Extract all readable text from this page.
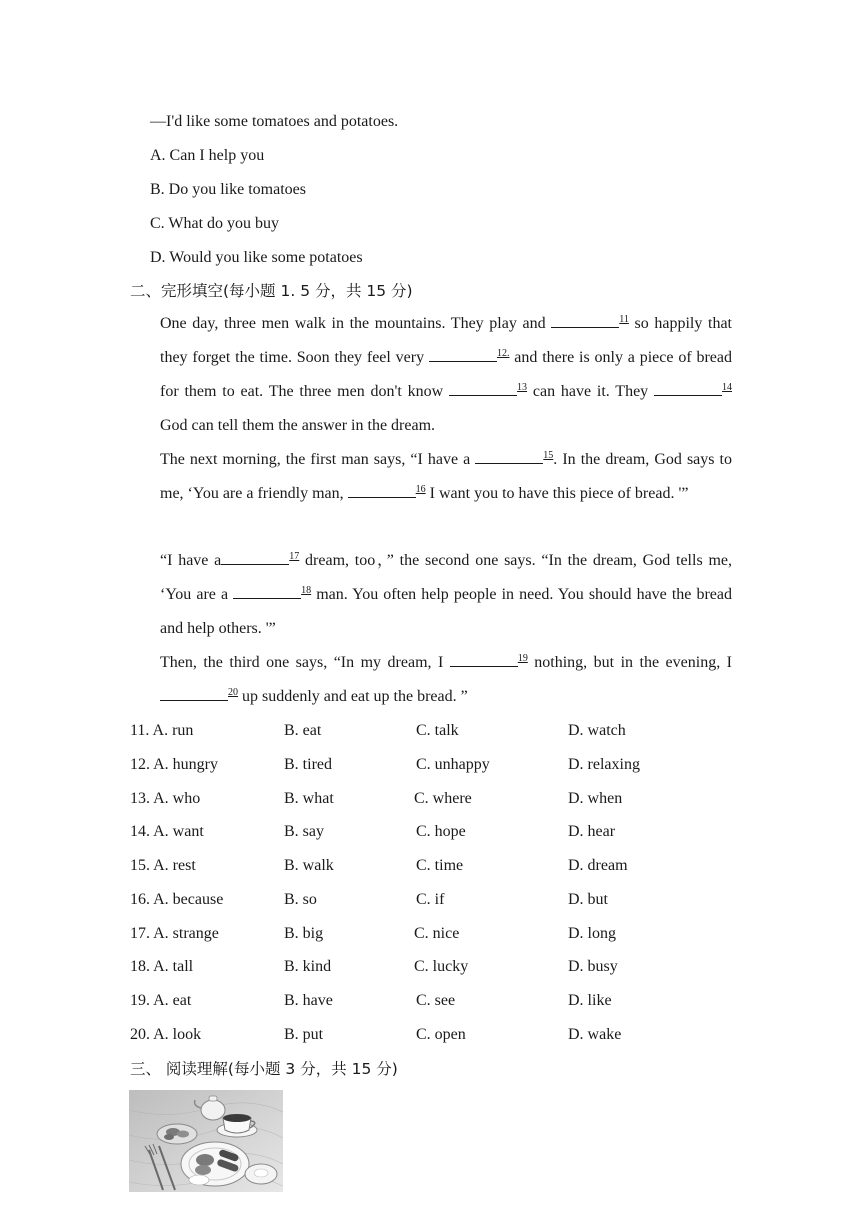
—I'd like some tomatoes and potatoes.
A. Can I help you
B. Do you like tomatoes
C. What do you buy
D. Would you like some potatoes
二、完形填空(每小题 1. 5 分，共 15 分)
One day, three men walk in the mountains. They play and	$^{11}$ so happily that they forget the time. Soon they feel very	$^{12.}$ and there is only a piece of bread for them to eat. The three men don't know	$^{13}$ can have it. They	$^{14}$ God can tell them the answer in the dream.
The next morning, the first man says, “I have a	$^{15}$. In the dream, God says to me, ‘You are a friendly man,	$^{16}$ I want you to have this piece of bread. '”
“I have a	$^{17}$ dream, too，” the second one says. “In the dream, God tells me, ‘You are a	$^{18}$ man. You often help people in need. You should have the bread and help others. '”
Then, the third one says, “In my dream, I	$^{19}$ nothing, but in the evening, I $^{20}$ up suddenly and eat up the bread. ”
11. A. run	B. eat	C. talk	D. watch
12. A. hungry	B. tired	C. unhappy	D. relaxing
13. A. who	B. what	C. where	D. when
14. A. want	B. say	C. hope	D. hear
15. A. rest	B. walk	C. time	D. dream
16. A. because	B. so	C. if	D. but
17. A. strange	B. big	C. nice	D. long
18. A. tall	B. kind	C. lucky	D. busy
19. A. eat	B. have	C. see	D. like
20. A. look	B. put	C. open	D. wake
三、 阅读理解(每小题 3 分，共 15 分)
